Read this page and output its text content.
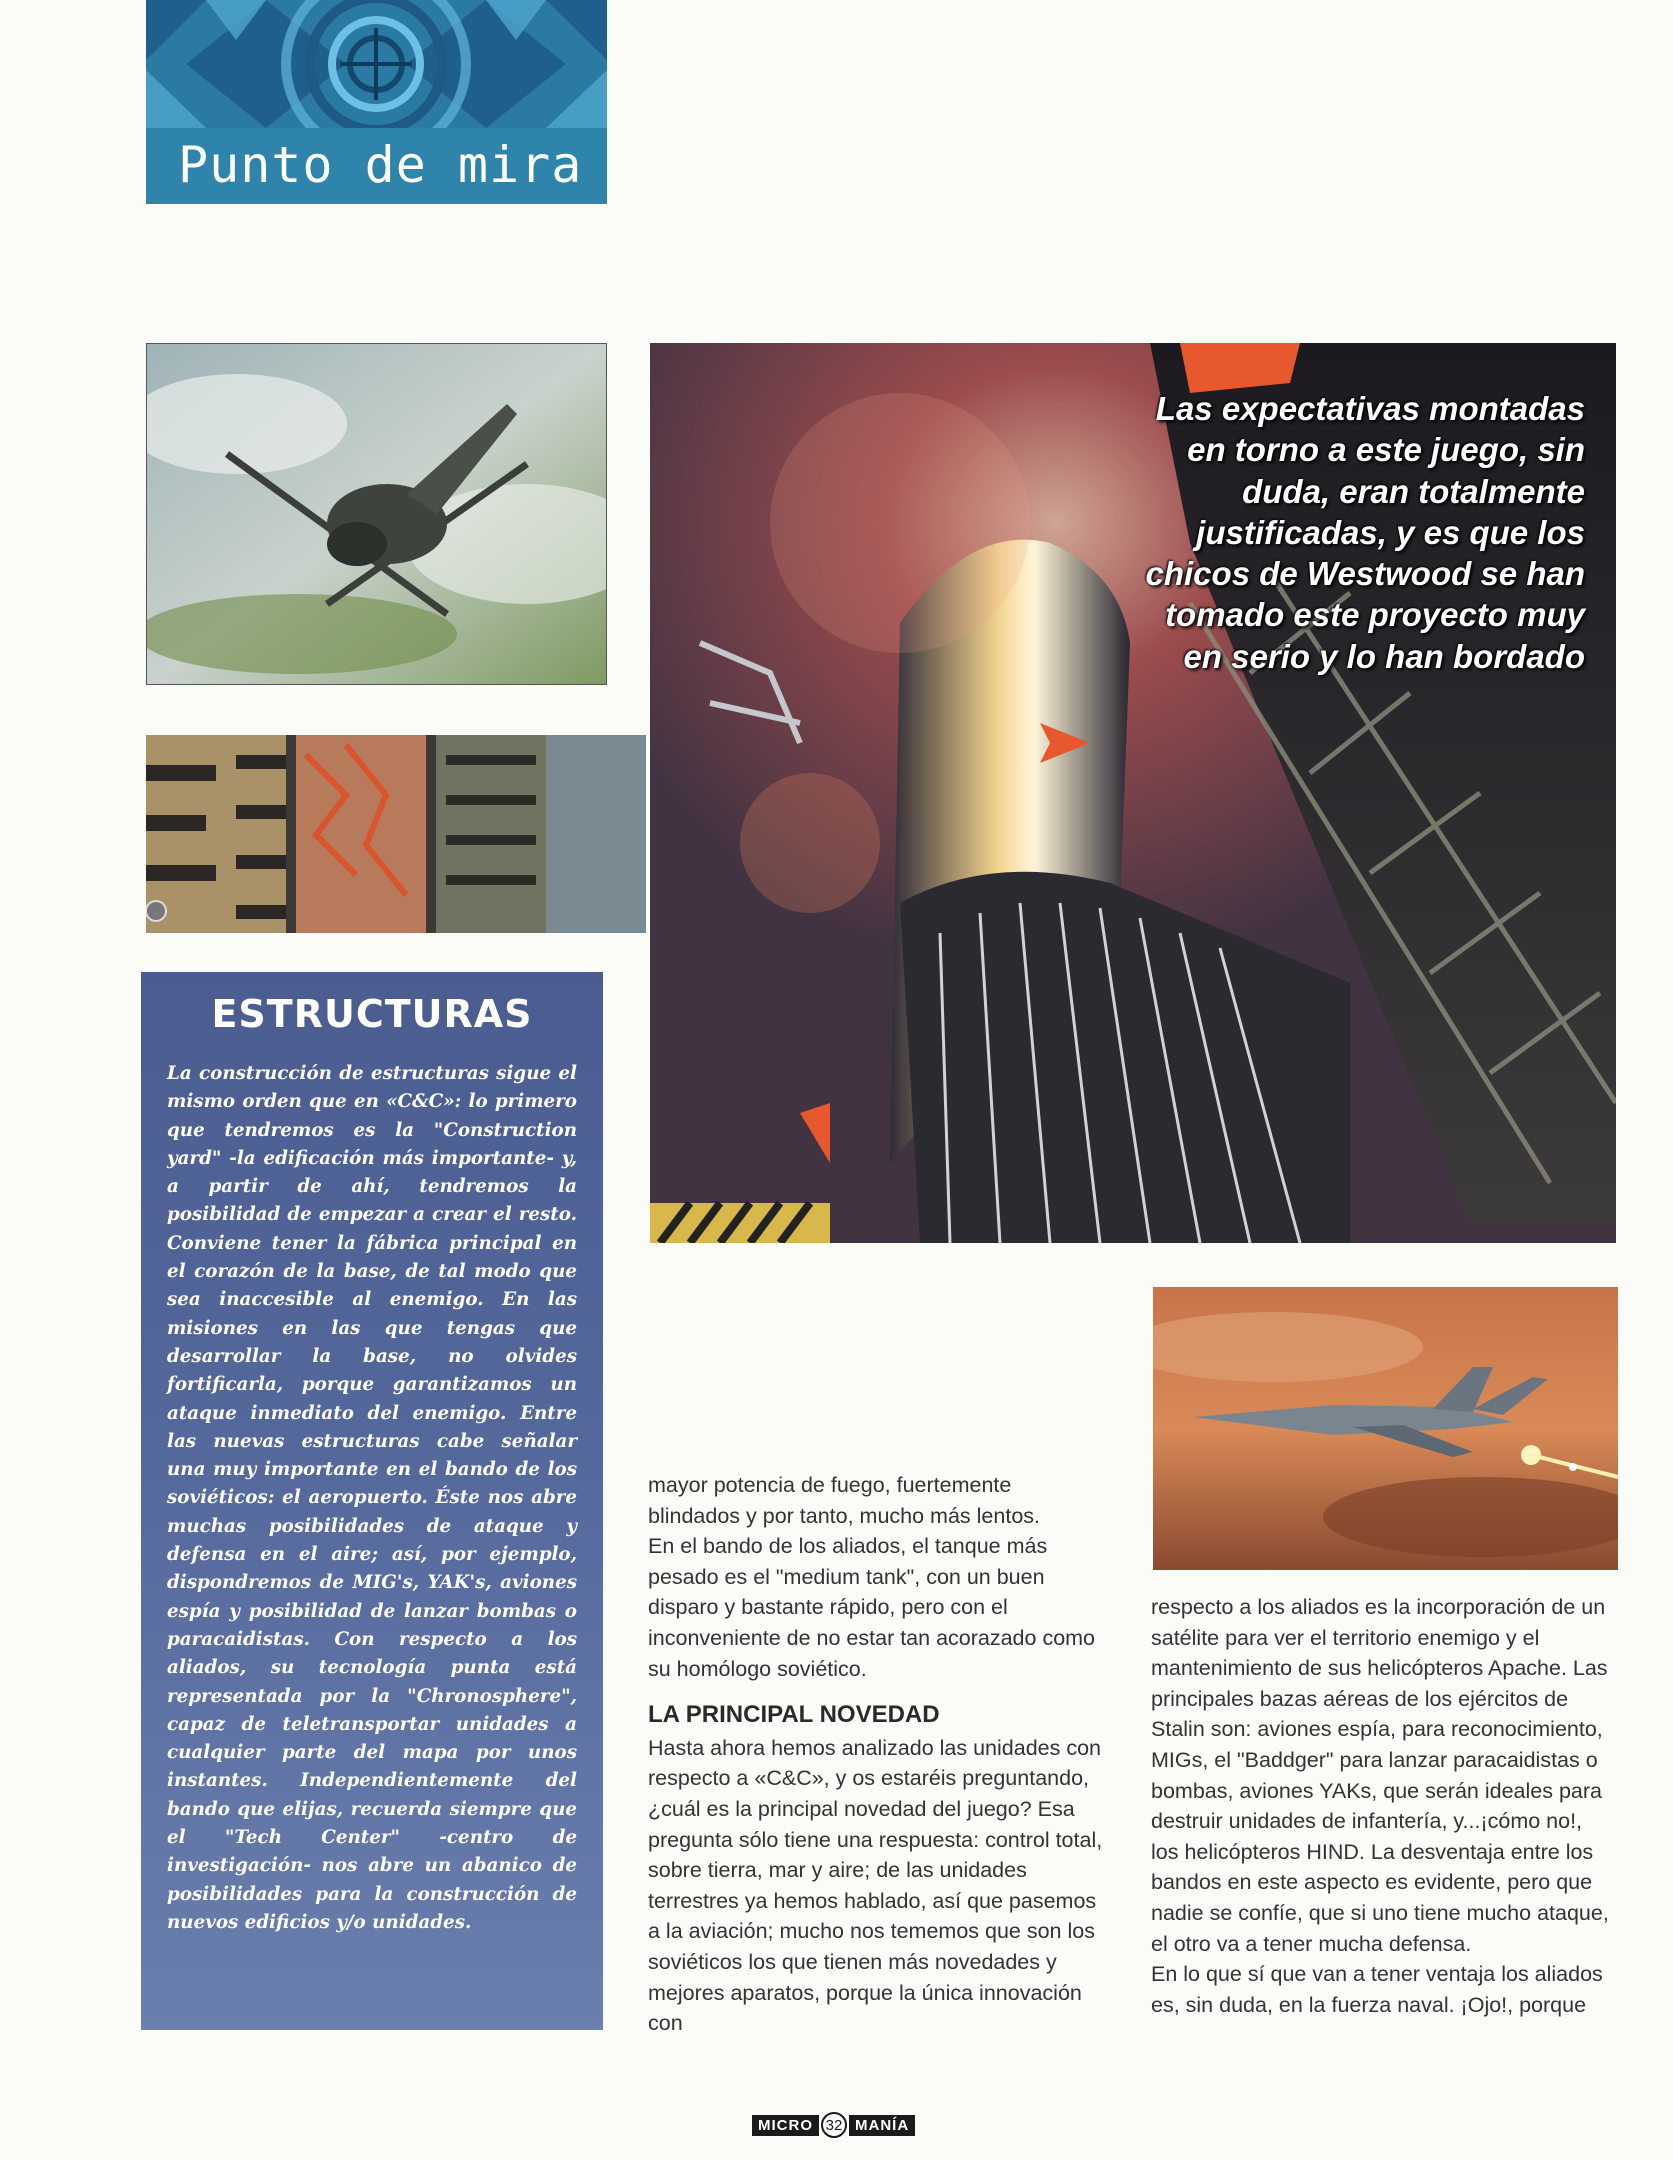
Punto de mira
Las expectativas montadas en torno a este juego, sin duda, eran totalmente justificadas, y es que los chicos de Westwood se han tomado este proyecto muy en serio y lo han bordado
ESTRUCTURAS
La construcción de estructuras sigue el mismo orden que en «C&C»: lo primero que tendremos es la "Construction yard" -la edificación más importante- y, a partir de ahí, tendremos la posibilidad de empezar a crear el resto. Conviene tener la fábrica principal en el corazón de la base, de tal modo que sea inaccesible al enemigo. En las misiones en las que tengas que desarrollar la base, no olvides fortificarla, porque garantizamos un ataque inmediato del enemigo. Entre las nuevas estructuras cabe señalar una muy importante en el bando de los soviéticos: el aeropuerto. Éste nos abre muchas posibilidades de ataque y defensa en el aire; así, por ejemplo, dispondremos de MIG's, YAK's, aviones espía y posibilidad de lanzar bombas o paracaidistas. Con respecto a los aliados, su tecnología punta está representada por la "Chronosphere", capaz de teletransportar unidades a cualquier parte del mapa por unos instantes. Independientemente del bando que elijas, recuerda siempre que el "Tech Center" -centro de investigación- nos abre un abanico de posibilidades para la construcción de nuevos edificios y/o unidades.

mayor potencia de fuego, fuertemente blindados y por tanto, mucho más lentos.

En el bando de los aliados, el tanque más pesado es el "medium tank", con un buen disparo y bastante rápido, pero con el inconveniente de no estar tan acorazado como su homólogo soviético.

LA PRINCIPAL NOVEDAD

Hasta ahora hemos analizado las unidades con respecto a «C&C», y os estaréis preguntando, ¿cuál es la principal novedad del juego? Esa pregunta sólo tiene una respuesta: control total, sobre tierra, mar y aire; de las unidades terrestres ya hemos hablado, así que pasemos a la aviación; mucho nos tememos que son los soviéticos los que tienen más novedades y mejores aparatos, porque la única innovación con

respecto a los aliados es la incorporación de un satélite para ver el territorio enemigo y el mantenimiento de sus helicópteros Apache. Las principales bazas aéreas de los ejércitos de Stalin son: aviones espía, para reconocimiento, MIGs, el "Baddger" para lanzar paracaidistas o bombas, aviones YAKs, que serán ideales para destruir unidades de infantería, y...¡cómo no!, los helicópteros HIND. La desventaja entre los bandos en este aspecto es evidente, pero que nadie se confíe, que si uno tiene mucho ataque, el otro va a tener mucha defensa.

En lo que sí que van a tener ventaja los aliados es, sin duda, en la fuerza naval. ¡Ojo!, porque

MICRO 32 MANÍA
